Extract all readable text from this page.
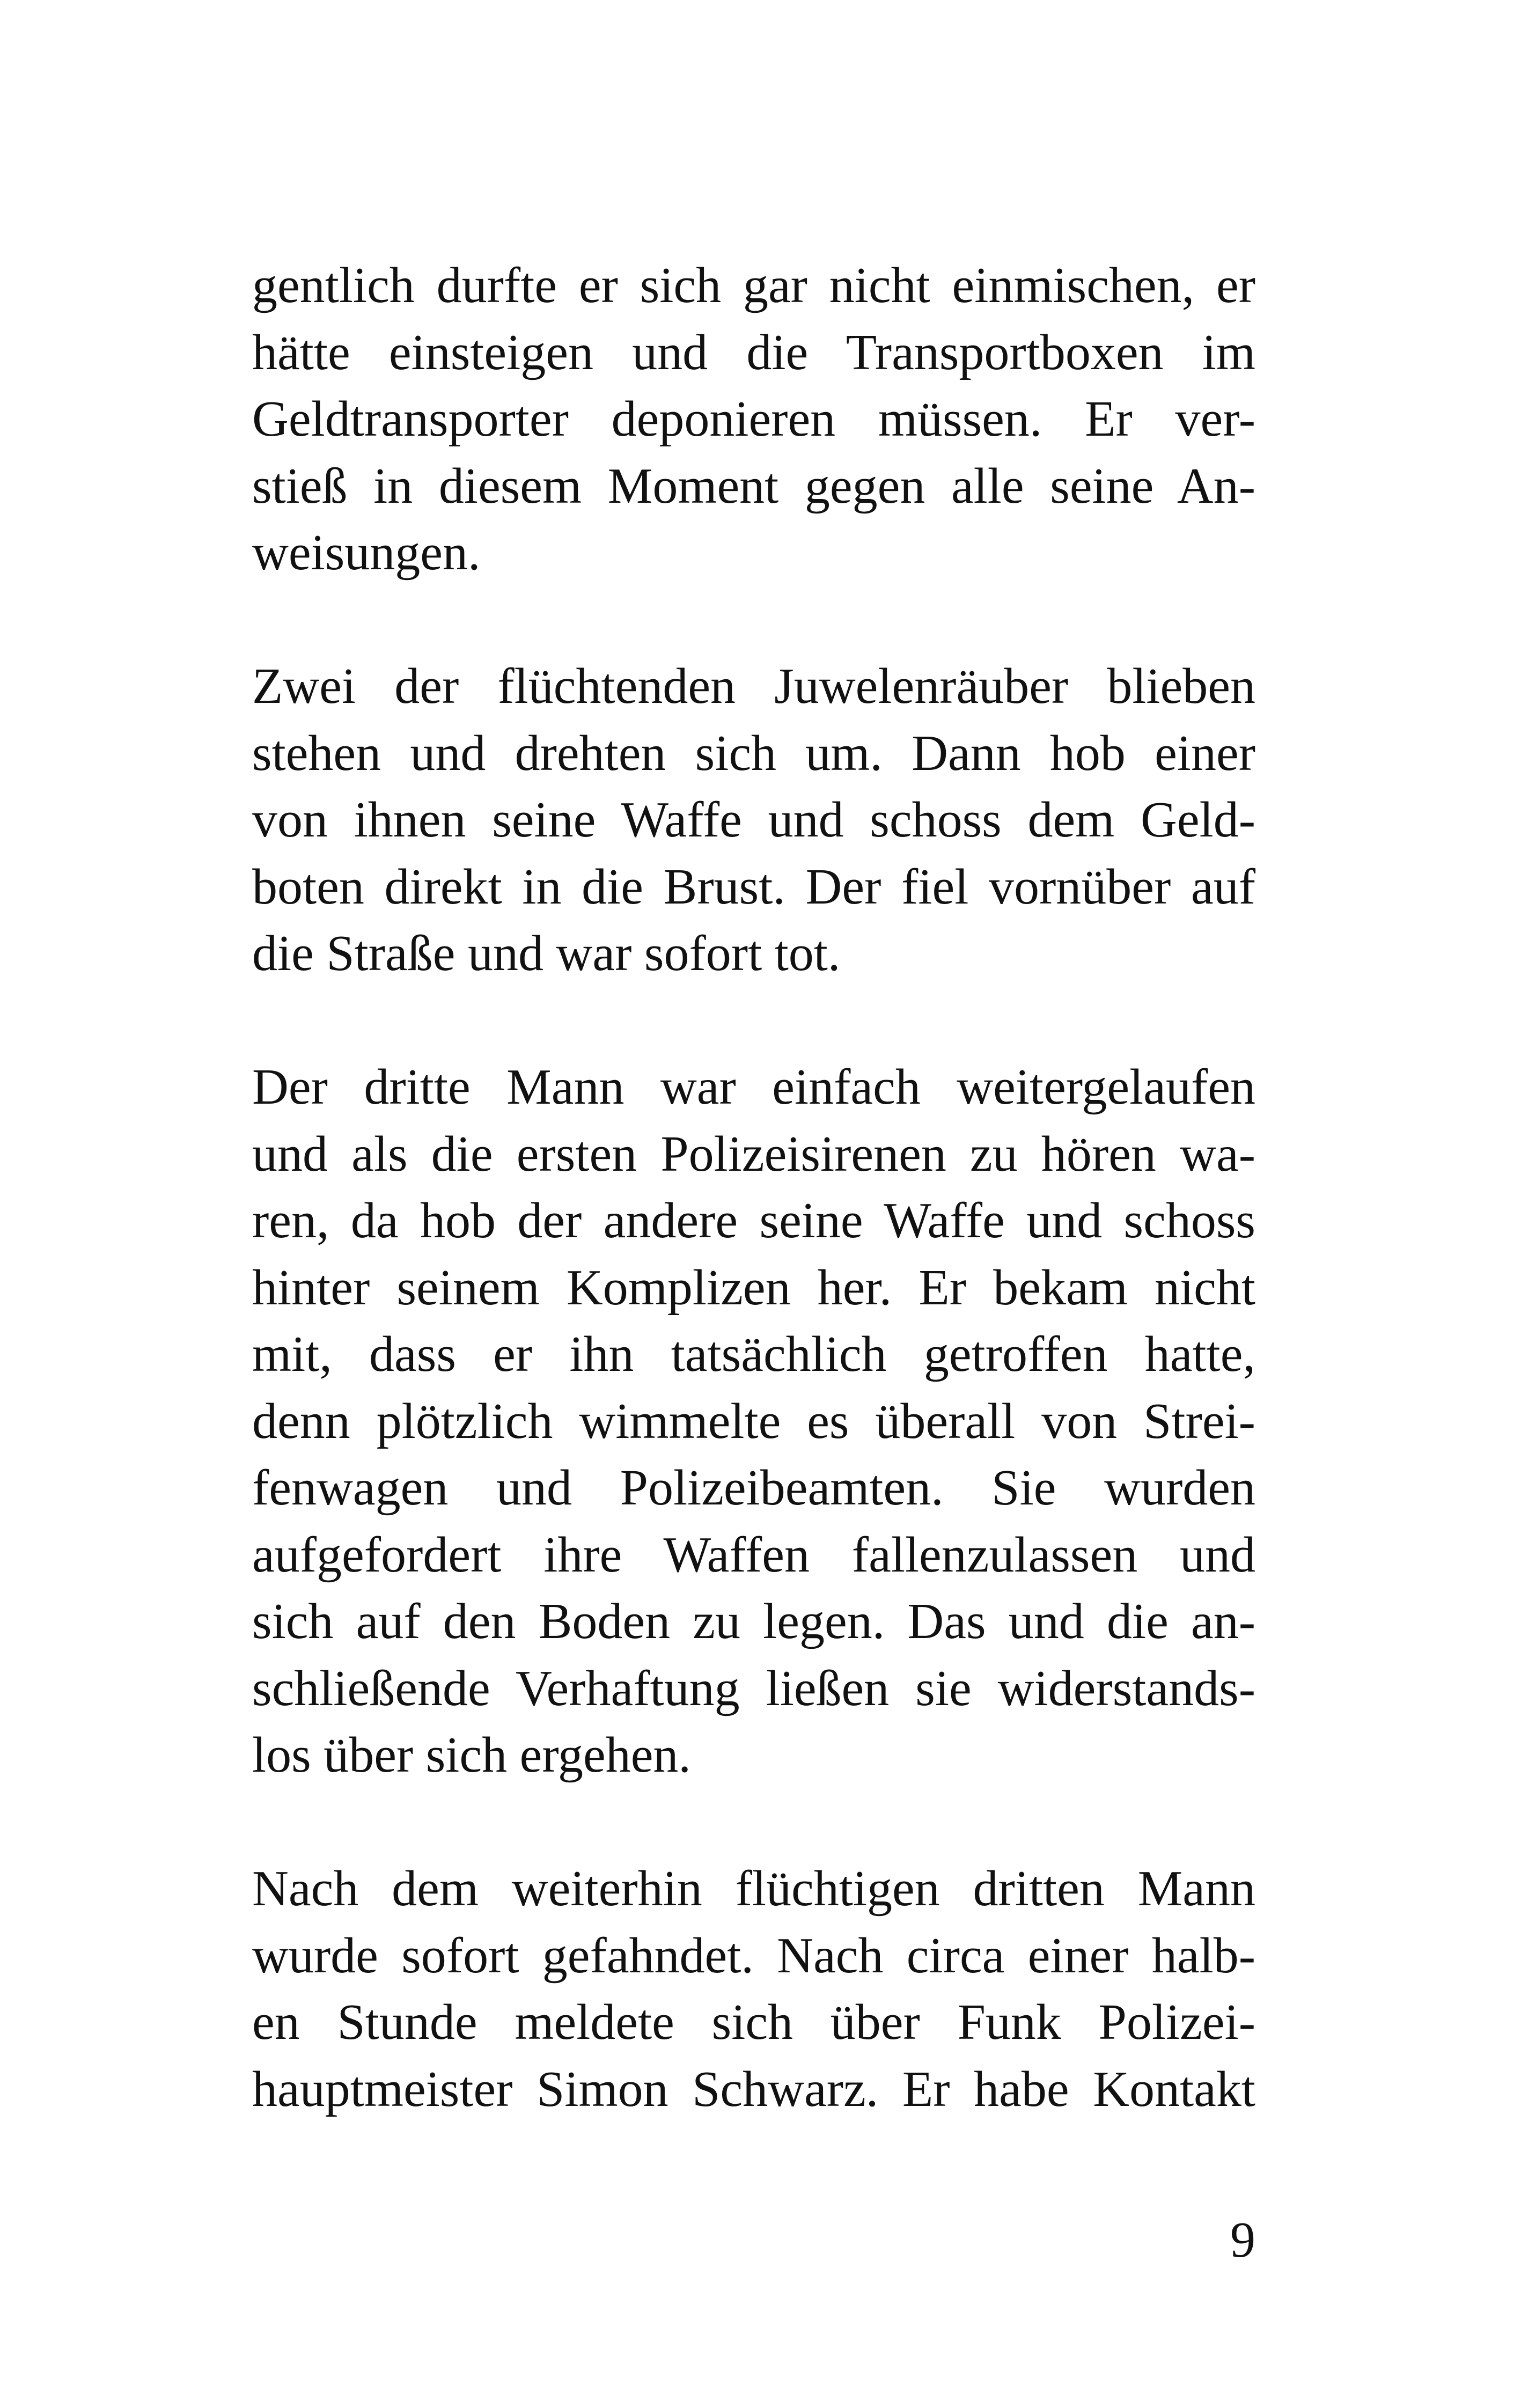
gentlich durfte er sich gar nicht einmischen, er
hätte einsteigen und die Transportboxen im
Geldtransporter deponieren müssen. Er ver-
stieß in diesem Moment gegen alle seine An-
weisungen.
Zwei der flüchtenden Juwelenräuber blieben
stehen und drehten sich um. Dann hob einer
von ihnen seine Waffe und schoss dem Geld-
boten direkt in die Brust. Der fiel vornüber auf
die Straße und war sofort tot.
Der dritte Mann war einfach weitergelaufen
und als die ersten Polizeisirenen zu hören wa-
ren, da hob der andere seine Waffe und schoss
hinter seinem Komplizen her. Er bekam nicht
mit, dass er ihn tatsächlich getroffen hatte,
denn plötzlich wimmelte es überall von Strei-
fenwagen und Polizeibeamten. Sie wurden
aufgefordert ihre Waffen fallenzulassen und
sich auf den Boden zu legen. Das und die an-
schließende Verhaftung ließen sie widerstands-
los über sich ergehen.
Nach dem weiterhin flüchtigen dritten Mann
wurde sofort gefahndet. Nach circa einer halb-
en Stunde meldete sich über Funk Polizei-
hauptmeister Simon Schwarz. Er habe Kontakt
9
